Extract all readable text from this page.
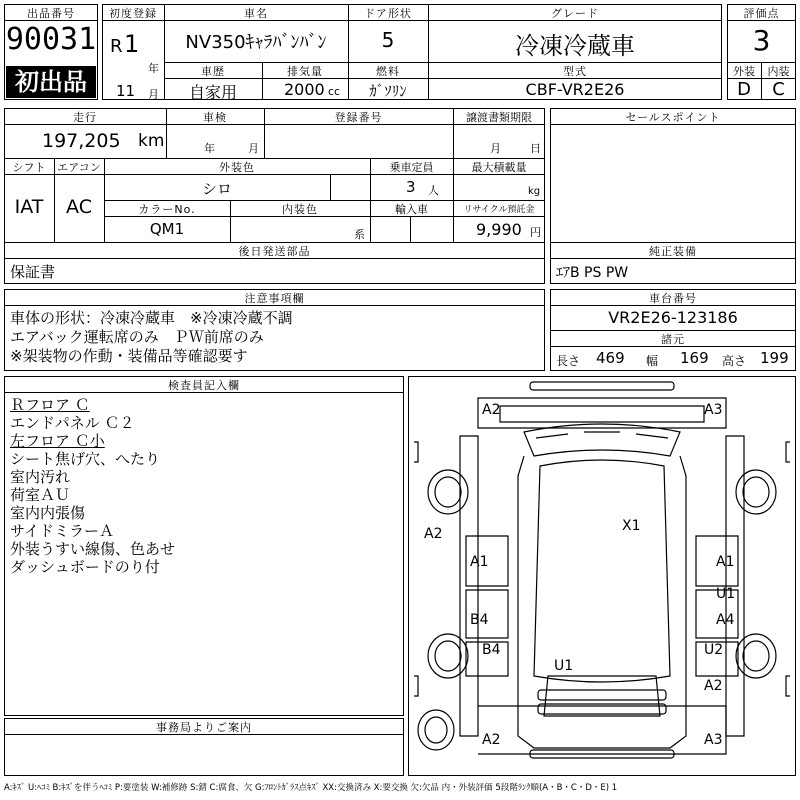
出品番号
90031
初出品
初度登録
R 1
年
11 月
車名
NV350ｷｬﾗﾊﾞﾝﾊﾞﾝ
ドア形状
5
グレード
冷凍冷蔵車
車歴
自家用
排気量
2000 cc
燃料
ｶﾞｿﾘﾝ
型式
CBF-VR2E26
評価点
3
外装	内装
D	C
走行
197,205 km
車検
年	月
登録番号	譲渡書類期限
月	日
シフト
IAT
エアコン
AC
外装色
シロ
乗車定員
3 人
最大積載量
kg
カラーNo.
QM1
内装色
系
輸入車	リサイクル預託金
9,990 円
後日発送部品
保証書
セールスポイント
純正装備
ｴｱB PS PW
注意事項欄
車体の形状：冷凍冷蔵車　※冷凍冷蔵不調
エアバック運転席のみ　ＰＷ前席のみ
※架装物の作動・装備品等確認要す
車台番号
VR2E26-123186
諸元
長さ 469 幅 169 高さ 199
検査員記入欄
Ｒフロア Ｃ
エンドパネル Ｃ２
左フロア Ｃ小
シート焦げ穴、へたり
室内汚れ
荷室ＡＵ
室内内張傷
サイドミラーＡ
外装うすい線傷、色あせ
ダッシュボードのり付
事務局よりご案内
A2	A3
X1
A2
A1	A1
U1
B4	A4
B4
U1
U2
A2
A2	A3
A:ｷｽﾞ U:ﾍｺﾐ B:ｷｽﾞを伴うﾍｺﾐ P:要塗装 W:補修跡 S:錆 C:腐食、欠 G:ﾌﾛﾝﾄｶﾞﾗｽ点ｷｽﾞ XX:交換済み X:要交換 欠:欠品 内・外装評価 5段階ﾗﾝｸ順(A・B・C・D・E) 1
